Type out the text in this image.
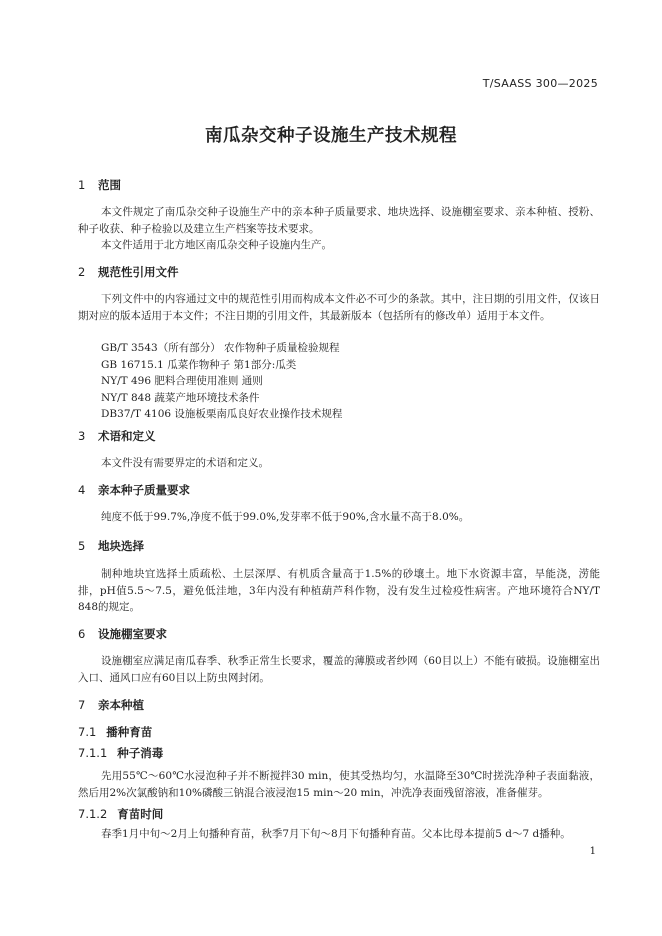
T/SAASS 300—2025
南瓜杂交种子设施生产技术规程
1 范围
本文件规定了南瓜杂交种子设施生产中的亲本种子质量要求、地块选择、设施棚室要求、亲本种植、授粉、种子收获、种子检验以及建立生产档案等技术要求。
本文件适用于北方地区南瓜杂交种子设施内生产。
2 规范性引用文件
下列文件中的内容通过文中的规范性引用而构成本文件必不可少的条款。其中，注日期的引用文件，仅该日期对应的版本适用于本文件；不注日期的引用文件，其最新版本（包括所有的修改单）适用于本文件。
GB/T 3543（所有部分） 农作物种子质量检验规程
GB 16715.1 瓜菜作物种子 第1部分:瓜类
NY/T 496 肥料合理使用准则 通则
NY/T 848 蔬菜产地环境技术条件
DB37/T 4106 设施板栗南瓜良好农业操作技术规程
3 术语和定义
本文件没有需要界定的术语和定义。
4 亲本种子质量要求
纯度不低于99.7%,净度不低于99.0%,发芽率不低于90%,含水量不高于8.0%。
5 地块选择
制种地块宜选择土质疏松、土层深厚、有机质含量高于1.5%的砂壤土。地下水资源丰富，旱能浇，涝能排，pH值5.5～7.5，避免低洼地，3年内没有种植葫芦科作物，没有发生过检疫性病害。产地环境符合NY/T 848的规定。
6 设施棚室要求
设施棚室应满足南瓜春季、秋季正常生长要求，覆盖的薄膜或者纱网（60目以上）不能有破损。设施棚室出入口、通风口应有60目以上防虫网封闭。
7 亲本种植
7.1 播种育苗
7.1.1 种子消毒
先用55℃～60℃水浸泡种子并不断搅拌30 min，使其受热均匀，水温降至30℃时搓洗净种子表面黏液，然后用2%次氯酸钠和10%磷酸三钠混合液浸泡15 min～20 min，冲洗净表面残留溶液，准备催芽。
7.1.2 育苗时间
春季1月中旬～2月上旬播种育苗，秋季7月下旬～8月下旬播种育苗。父本比母本提前5 d～7 d播种。
1
